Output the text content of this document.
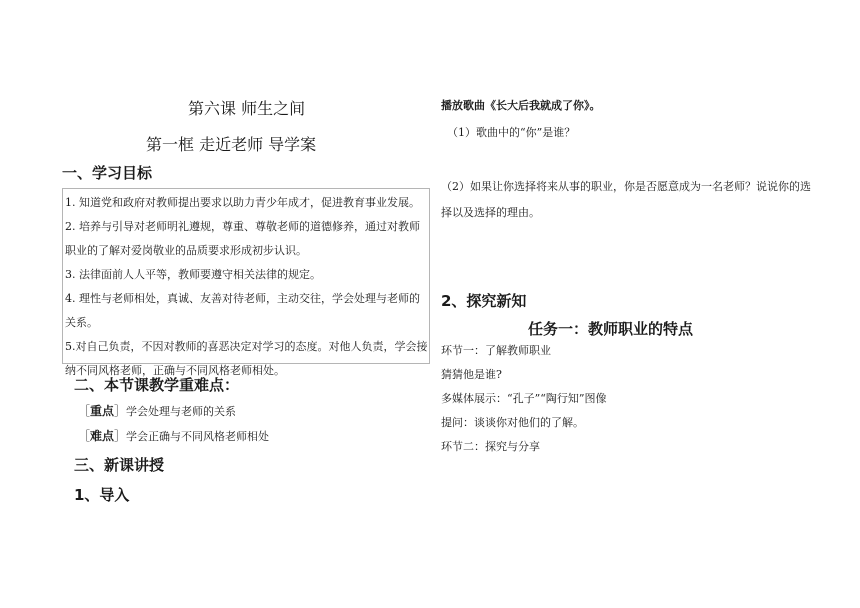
第六课 师生之间
第一框 走近老师 导学案
一、学习目标

1. 知道党和政府对教师提出要求以助力青少年成才，促进教育事业发展。

2. 培养与引导对老师明礼遵规，尊重、尊敬老师的道德修养，通过对教师职业的了解对爱岗敬业的品质要求形成初步认识。

3. 法律面前人人平等，教师要遵守相关法律的规定。

4. 理性与老师相处，真诚、友善对待老师，主动交往，学会处理与老师的关系。

5.对自己负责，不因对教师的喜恶决定对学习的态度。对他人负责，学会接纳不同风格老师，正确与不同风格老师相处。

二、本节课教学重难点：
［重点］学会处理与老师的关系
［难点］学会正确与不同风格老师相处
三、新课讲授
1、导入
播放歌曲《长大后我就成了你》。
（1）歌曲中的“你”是谁？
（2）如果让你选择将来从事的职业，你是否愿意成为一名老师？说说你的选择以及选择的理由。
2、探究新知
任务一：教师职业的特点
环节一：了解教师职业
猜猜他是谁?
多媒体展示：“孔子”“陶行知”图像
提问：谈谈你对他们的了解。
环节二：探究与分享
